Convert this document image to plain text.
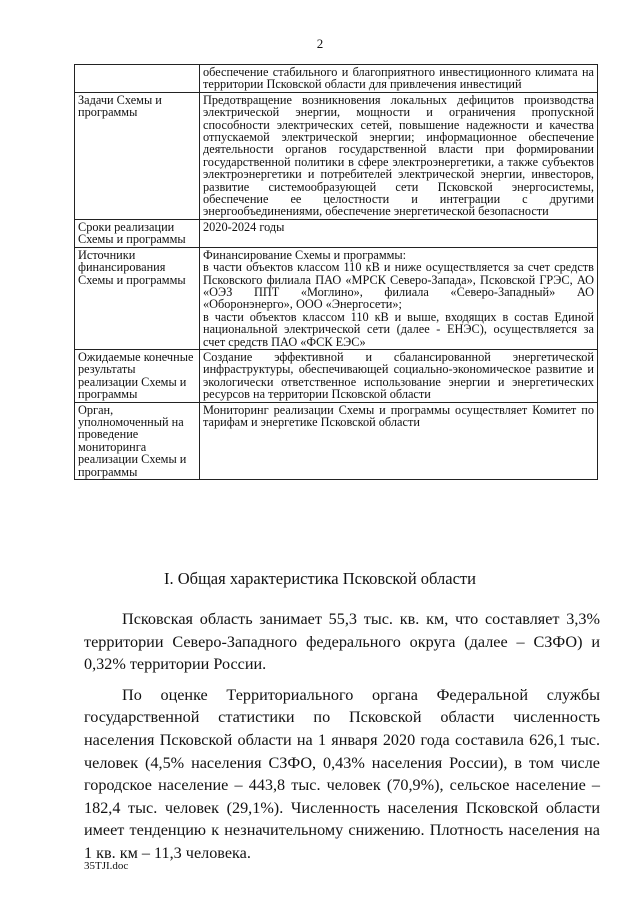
2

	обеспечение стабильного и благоприятного инвестиционного климата на территории Псковской области для привлечения инвестиций

Задачи Схемы и программы	Предотвращение возникновения локальных дефицитов производства электрической энергии, мощности и ограничения пропускной способности электрических сетей, повышение надежности и качества отпускаемой электрической энергии; информационное обеспечение деятельности органов государственной власти при формировании государственной политики в сфере электроэнергетики, а также субъектов электроэнергетики и потребителей электрической энергии, инвесторов, развитие системообразующей сети Псковской энергосистемы, обеспечение ее целостности и интеграции с другими энергообъединениями, обеспечение энергетической безопасности

Сроки реализации Схемы и программы	2020-2024 годы

Источники финансирования Схемы и программы	Финансирование Схемы и программы:

в части объектов классом 110 кВ и ниже осуществляется за счет средств Псковского филиала ПАО «МРСК Северо-Запада», Псковской ГРЭС, АО «ОЭЗ ППТ «Моглино», филиала «Северо-Западный» АО «Оборонэнерго», ООО «Энергосети»;

в части объектов классом 110 кВ и выше, входящих в состав Единой национальной электрической сети (далее - ЕНЭС), осуществляется за счет средств ПАО «ФСК ЕЭС»

Ожидаемые конечные результаты реализации Схемы и программы	Создание эффективной и сбалансированной энергетической инфраструктуры, обеспечивающей социально-экономическое развитие и экологически ответственное использование энергии и энергетических ресурсов на территории Псковской области

Орган, уполномоченный на проведение мониторинга реализации Схемы и программы	Мониторинг реализации Схемы и программы осуществляет Комитет по тарифам и энергетике Псковской области

I. Общая характеристика Псковской области

Псковская область занимает 55,3 тыс. кв. км, что составляет 3,3% территории Северо-Западного федерального округа (далее – СЗФО) и 0,32% территории России.

По оценке Территориального органа Федеральной службы государственной статистики по Псковской области численность населения Псковской области на 1 января 2020 года составила 626,1 тыс. человек (4,5% населения СЗФО, 0,43% населения России), в том числе городское население – 443,8 тыс. человек (70,9%), сельское население – 182,4 тыс. человек (29,1%). Численность населения Псковской области имеет тенденцию к незначительному снижению. Плотность населения на 1 кв. км – 11,3 человека.

35TJI.doc
